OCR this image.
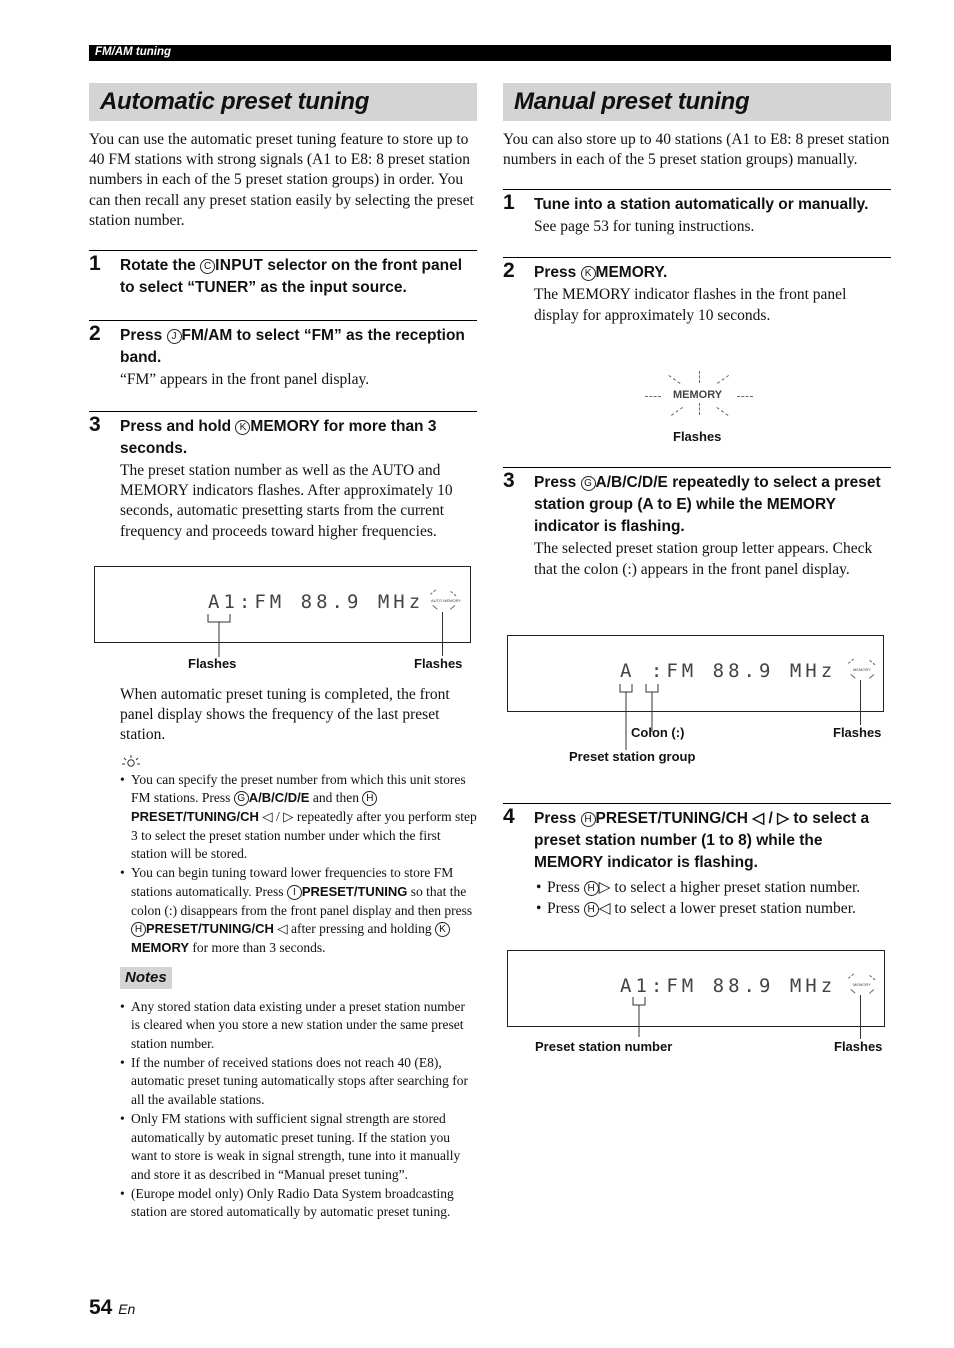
FM/AM tuning
Automatic preset tuning

You can use the automatic preset tuning feature to store up to 40 FM stations with strong signals (A1 to E8: 8 preset station numbers in each of the 5 preset station groups) in order. You can then recall any preset station easily by selecting the preset station number.

1 Rotate the C INPUT selector on the front panel to select “TUNER” as the input source.
2 Press J FM/AM to select “FM” as the reception band.

“FM” appears in the front panel display.

3 Press and hold K MEMORY for more than 3 seconds.

The preset station number as well as the AUTO and MEMORY indicators flashes. After approximately 10 seconds, automatic presetting starts from the current frequency and proceeds toward higher frequencies.

A1:FM 88.9 MHz AUTO MEMORY
Flashes	Flashes

When automatic preset tuning is completed, the front panel display shows the frequency of the last preset station.

• You can specify the preset number from which this unit stores FM stations. Press G A/B/C/D/E and then HPRESET/TUNING/CH ◁ / ▷ repeatedly after you perform step 3 to select the preset station number under which the first station will be stored.
• You can begin tuning toward lower frequencies to store FM stations automatically. Press I PRESET/TUNING so that the colon (:) disappears from the front panel display and then press H PRESET/TUNING/CH ◁ after pressing and holding KMEMORY for more than 3 seconds.
Notes
• Any stored station data existing under a preset station number is cleared when you store a new station under the same preset station number.
• If the number of received stations does not reach 40 (E8), automatic preset tuning automatically stops after searching for all the available stations.
• Only FM stations with sufficient signal strength are stored automatically by automatic preset tuning. If the station you want to store is weak in signal strength, tune into it manually and store it as described in “Manual preset tuning”.
• (Europe model only) Only Radio Data System broadcasting station are stored automatically by automatic preset tuning.
Manual preset tuning

You can also store up to 40 stations (A1 to E8: 8 preset station numbers in each of the 5 preset station groups) manually.

1 Tune into a station automatically or manually.

See page 53 for tuning instructions.

2 Press K MEMORY.

The MEMORY indicator flashes in the front panel display for approximately 10 seconds.

3 Press G A/B/C/D/E repeatedly to select a preset station group (A to E) while the MEMORY indicator is flashing.

The selected preset station group letter appears. Check that the colon (:) appears in the front panel display.

MEMORY
Flashes
A :FM 88.9 MHz	MEMORY
Colon (:)	Flashes
Preset station group
4 Press H PRESET/TUNING/CH ◁ / ▷ to select a preset station number (1 to 8) while the MEMORY indicator is flashing.
• Press H ▷ to select a higher preset station number.
• Press H ◁ to select a lower preset station number.
A1:FM 88.9 MHz	MEMORY
Preset station number	Flashes
54 En
